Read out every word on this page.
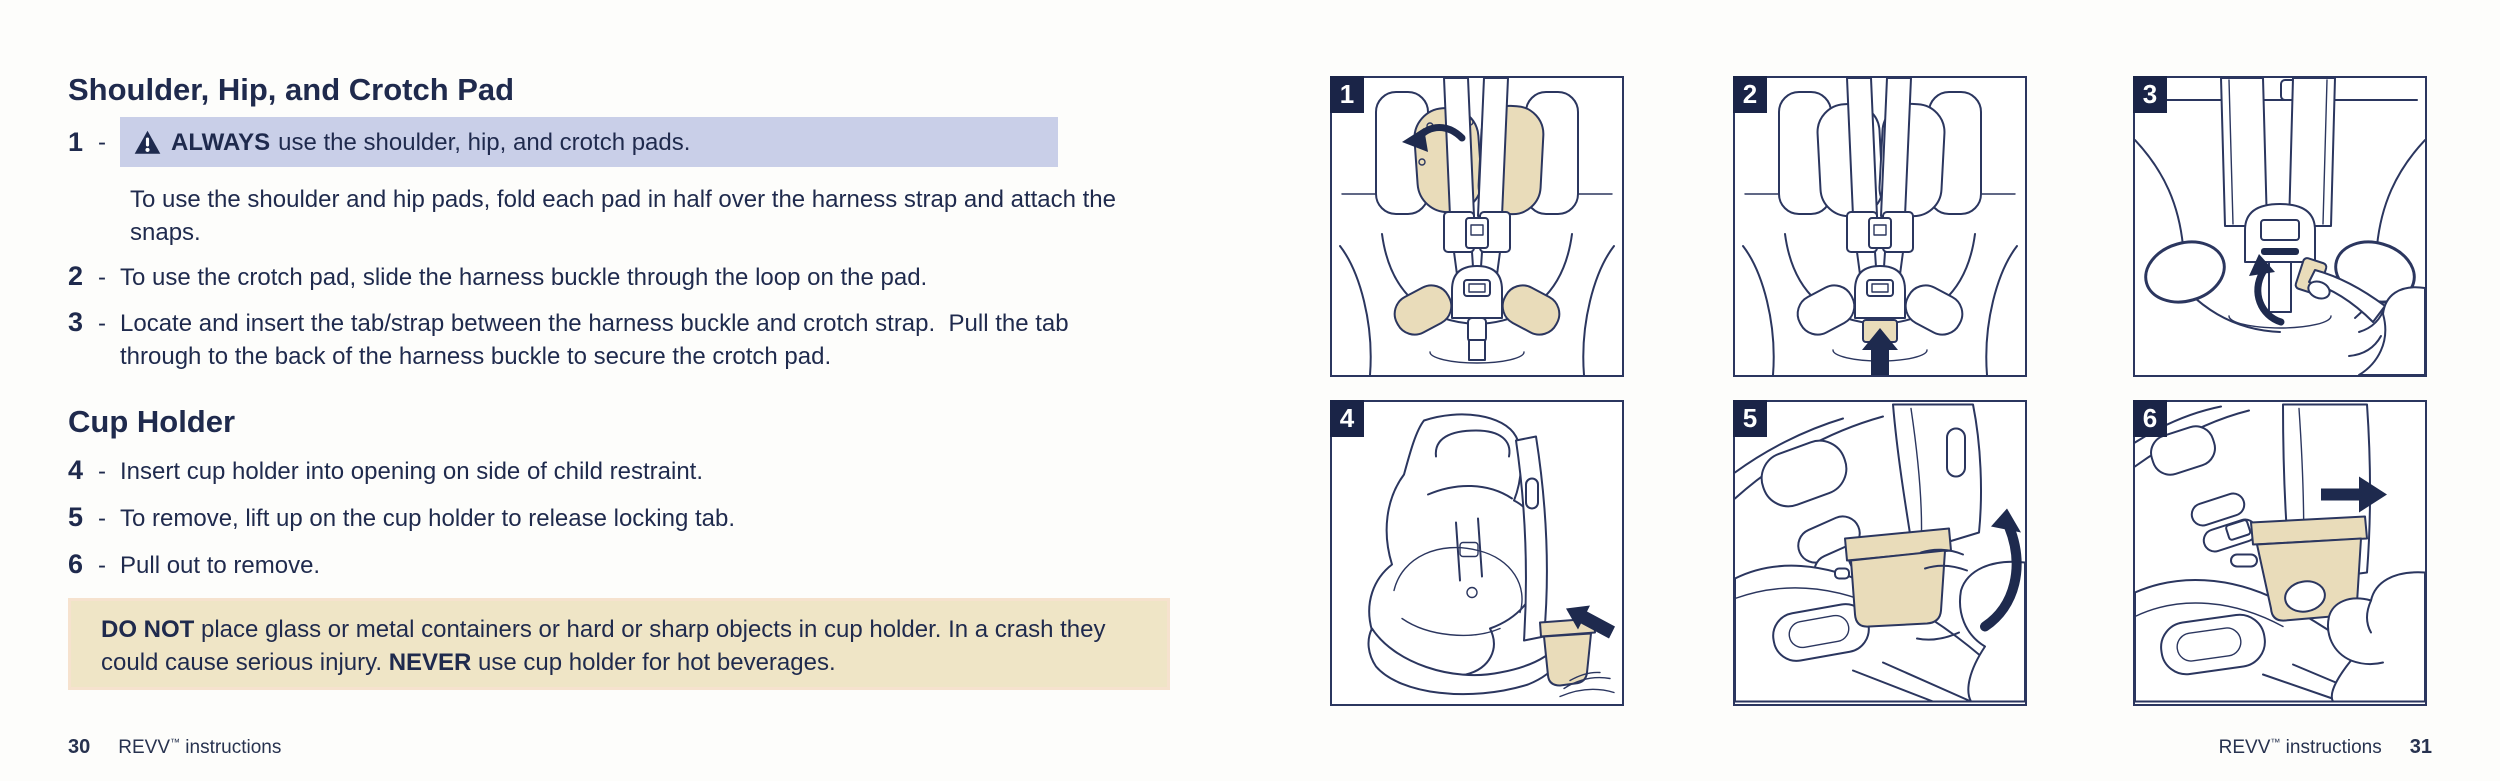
Shoulder, Hip, and Crotch Pad
1 -	ALWAYS use the shoulder, hip, and crotch pads.

To use the shoulder and hip pads, fold each pad in half over the harness strap and attach the snaps.

2 - To use the crotch pad, slide the harness buckle through the loop on the pad.
3 - Locate and insert the tab/strap between the harness buckle and crotch strap.  Pull the tab through to the back of the harness buckle to secure the crotch pad.
Cup Holder
4 - Insert cup holder into opening on side of child restraint.
5 - To remove, lift up on the cup holder to release locking tab.
6 - Pull out to remove.
DO NOT place glass or metal containers or hard or sharp objects in cup holder. In a crash they could cause serious injury. NEVER use cup holder for hot beverages.
30 REVV™ instructions
1	2	3
4	5	6
REVV™ instructions 31
